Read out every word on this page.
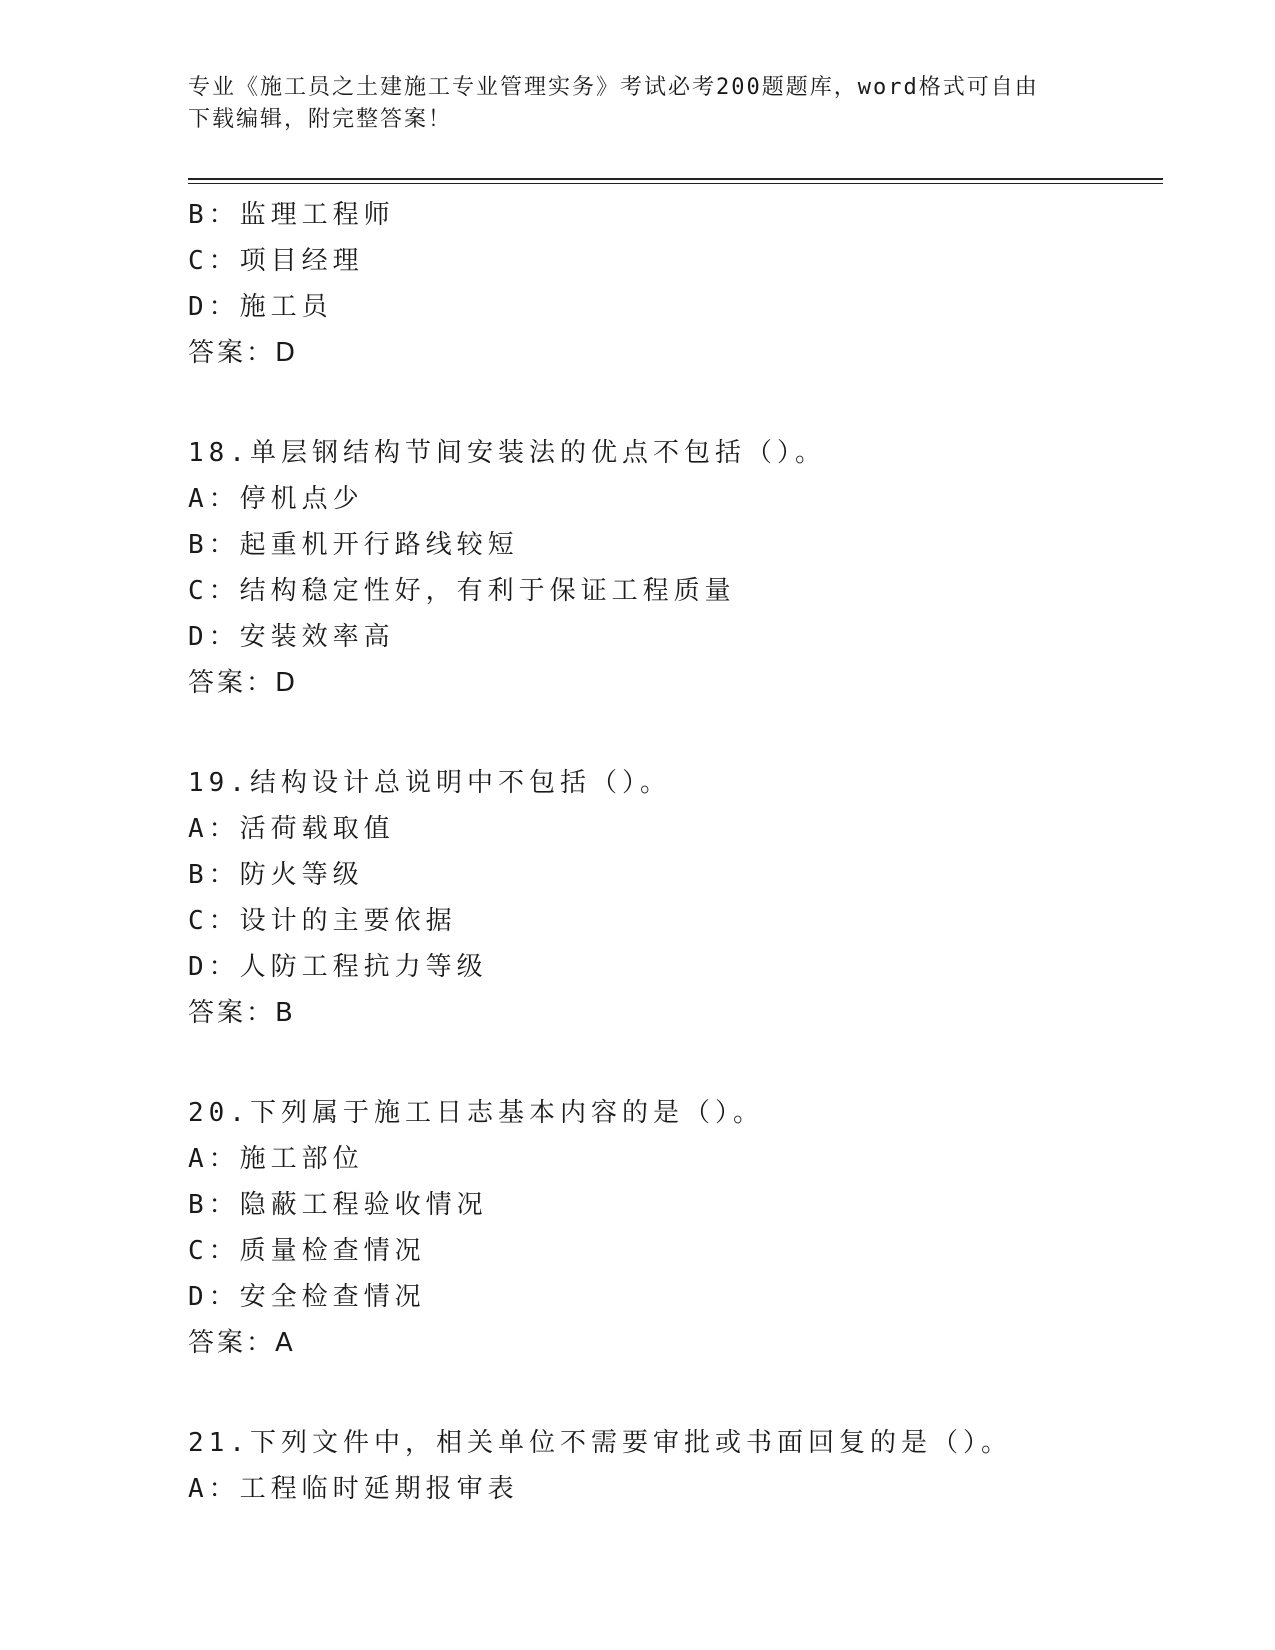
专业《施工员之土建施工专业管理实务》考试必考200题题库，word格式可自由
下载编辑，附完整答案！
B：监理工程师
C：项目经理
D：施工员
答案：D
18.单层钢结构节间安装法的优点不包括（）。
A：停机点少
B：起重机开行路线较短
C：结构稳定性好，有利于保证工程质量
D：安装效率高
答案：D
19.结构设计总说明中不包括（）。
A：活荷载取值
B：防火等级
C：设计的主要依据
D：人防工程抗力等级
答案：B
20.下列属于施工日志基本内容的是（）。
A：施工部位
B：隐蔽工程验收情况
C：质量检查情况
D：安全检查情况
答案：A
21.下列文件中，相关单位不需要审批或书面回复的是（）。
A：工程临时延期报审表
